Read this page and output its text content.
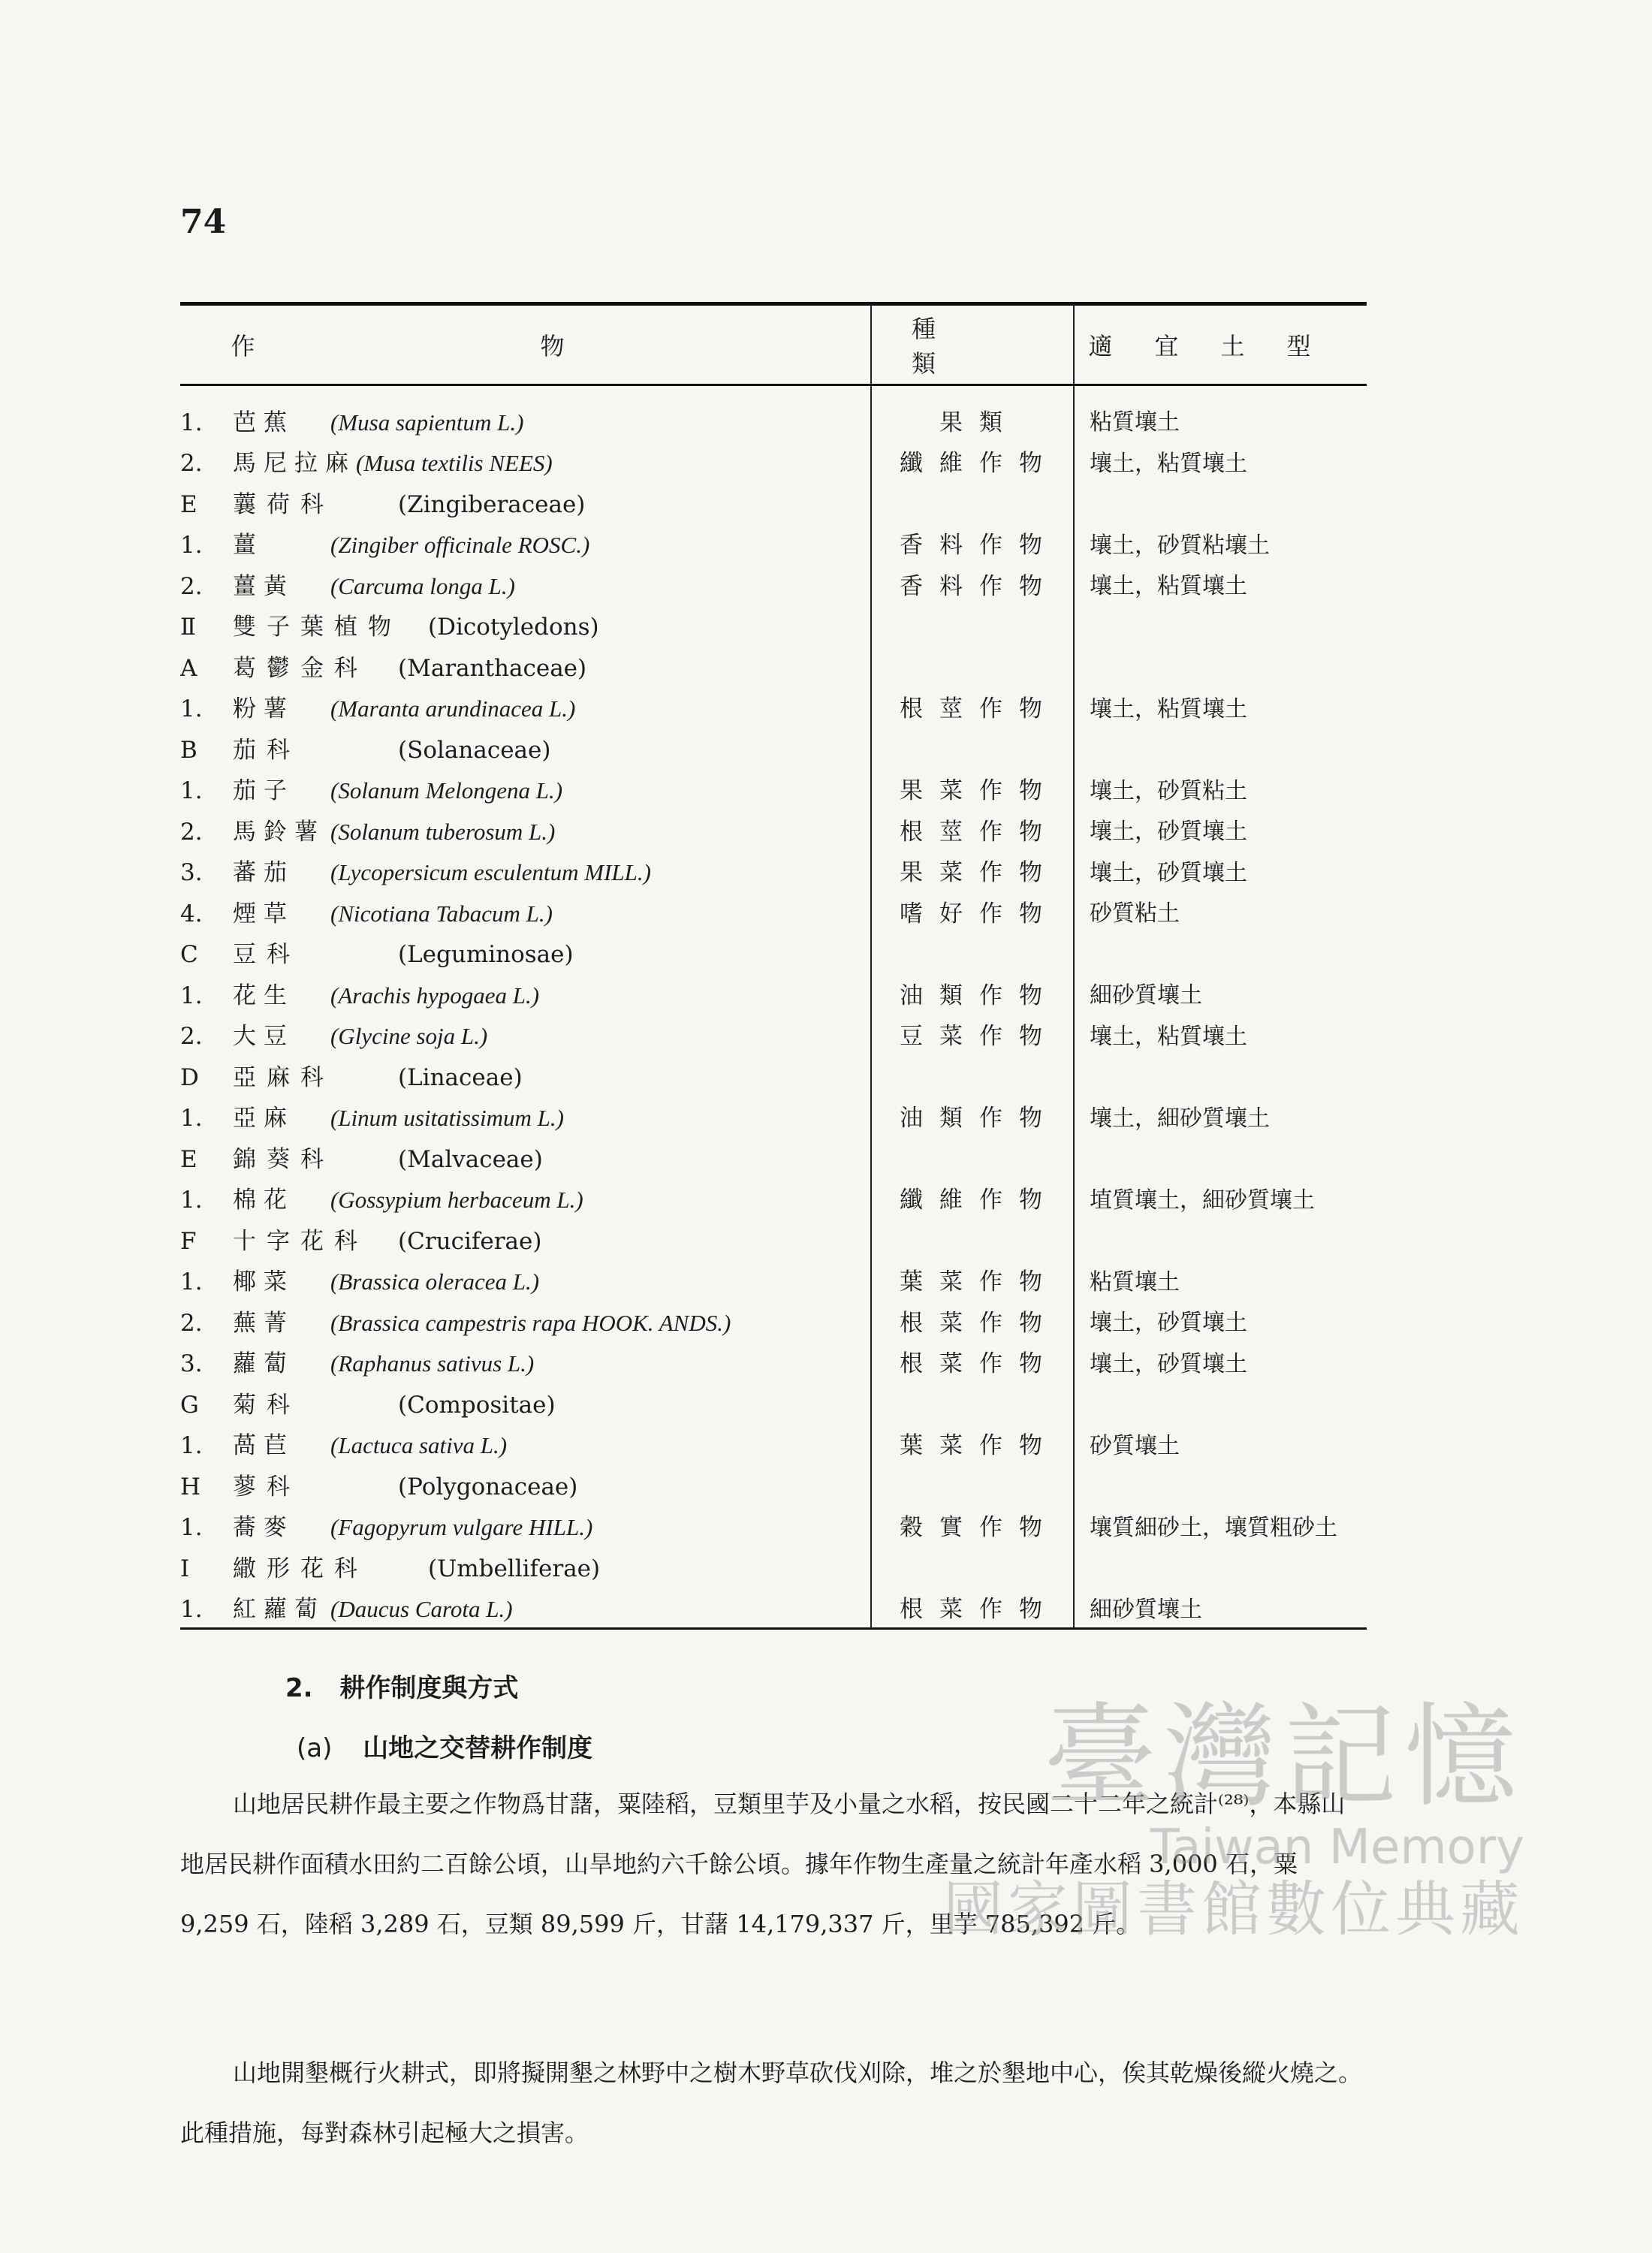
74
作物	種類	適宜土型
1. 芭蕉 (Musa sapientum L.)	果類	粘質壤土
2. 馬尼拉麻(Musa textilis NEES)	纖維作物	壤土，粘質壤土
E 蘘荷科 (Zingiberaceae)		
1. 薑 (Zingiber officinale ROSC.)	香料作物	壤土，砂質粘壤土
2. 薑黃 (Carcuma longa L.)	香料作物	壤土，粘質壤土
Ⅱ 雙子葉植物 (Dicotyledons)		
A 葛鬱金科 (Maranthaceae)		
1. 粉薯 (Maranta arundinacea L.)	根莖作物	壤土，粘質壤土
B 茄科 (Solanaceae)		
1. 茄子 (Solanum Melongena L.)	果菜作物	壤土，砂質粘土
2. 馬鈴薯 (Solanum tuberosum L.)	根莖作物	壤土，砂質壤土
3. 蕃茄 (Lycopersicum esculentum MILL.)	果菜作物	壤土，砂質壤土
4. 煙草 (Nicotiana Tabacum L.)	嗜好作物	砂質粘土
C 豆科 (Leguminosae)		
1. 花生 (Arachis hypogaea L.)	油類作物	細砂質壤土
2. 大豆 (Glycine soja L.)	豆菜作物	壤土，粘質壤土
D 亞麻科 (Linaceae)		
1. 亞麻 (Linum usitatissimum L.)	油類作物	壤土，細砂質壤土
E 錦葵科 (Malvaceae)		
1. 棉花 (Gossypium herbaceum L.)	纖維作物	埴質壤土，細砂質壤土
F 十字花科 (Cruciferae)		
1. 椰菜 (Brassica oleracea L.)	葉菜作物	粘質壤土
2. 蕪菁 (Brassica campestris rapa HOOK. ANDS.)	根菜作物	壤土，砂質壤土
3. 蘿蔔 (Raphanus sativus L.)	根菜作物	壤土，砂質壤土
G 菊科 (Compositae)		
1. 萵苣 (Lactuca sativa L.)	葉菜作物	砂質壤土
H 蓼科 (Polygonaceae)		
1. 蕎麥 (Fagopyrum vulgare HILL.)	穀實作物	壤質細砂土，壤質粗砂土
I 繖形花科 (Umbelliferae)		
1. 紅蘿蔔 (Daucus Carota L.)	根菜作物	細砂質壤土
2. 耕作制度與方式
(a) 山地之交替耕作制度

山地居民耕作最主要之作物爲甘藷，粟陸稻，豆類里芋及小量之水稻，按民國二十二年之統計⁽²⁸⁾，本縣山地居民耕作面積水田約二百餘公頃，山旱地約六千餘公頃。據年作物生產量之統計年產水稻 3,000 石，粟 9,259 石，陸稻 3,289 石，豆類 89,599 斤，甘藷 14,179,337 斤，里芋 785,392 斤。

山地開墾概行火耕式，即將擬開墾之林野中之樹木野草砍伐刈除，堆之於墾地中心，俟其乾燥後縱火燒之。此種措施，每對森林引起極大之損害。

臺灣記憶
Taiwan Memory
國家圖書館數位典藏
